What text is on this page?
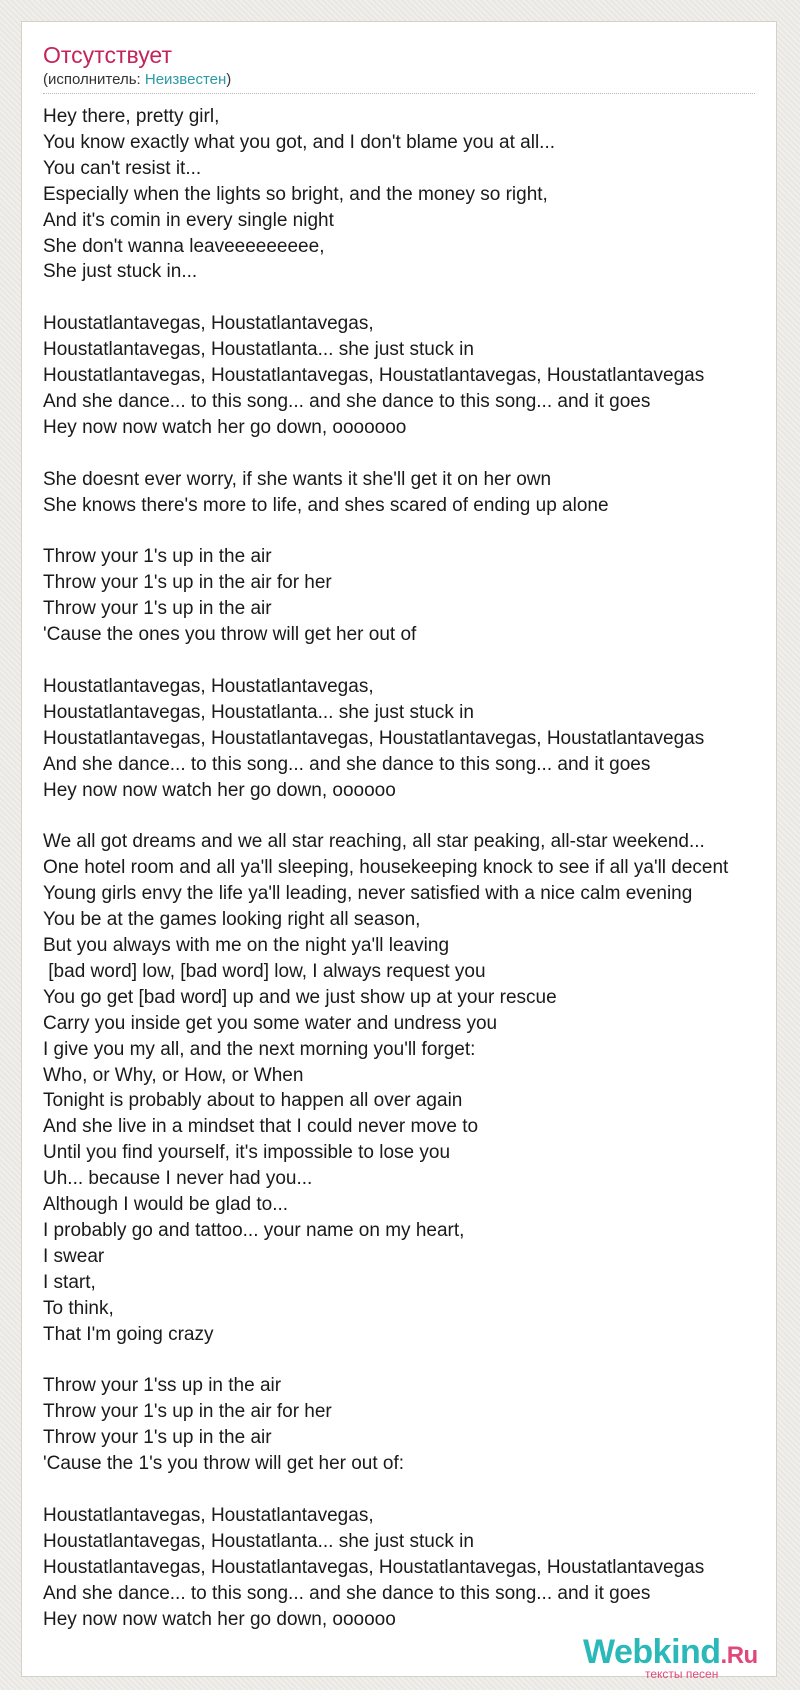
Отсутствует
(исполнитель: Неизвестен)
Hey there, pretty girl,
You know exactly what you got, and I don't blame you at all...
You can't resist it...
Especially when the lights so bright, and the money so right,
And it's comin in every single night
She don't wanna leaveeeeeeeee,
She just stuck in...

Houstatlantavegas, Houstatlantavegas,
Houstatlantavegas, Houstatlanta... she just stuck in
Houstatlantavegas, Houstatlantavegas, Houstatlantavegas, Houstatlantavegas
And she dance... to this song... and she dance to this song... and it goes
Hey now now watch her go down, ooooooo

She doesnt ever worry, if she wants it she'll get it on her own
She knows there's more to life, and shes scared of ending up alone

Throw your 1's up in the air
Throw your 1's up in the air for her
Throw your 1's up in the air
'Cause the ones you throw will get her out of

Houstatlantavegas, Houstatlantavegas,
Houstatlantavegas, Houstatlanta... she just stuck in
Houstatlantavegas, Houstatlantavegas, Houstatlantavegas, Houstatlantavegas
And she dance... to this song... and she dance to this song... and it goes
Hey now now watch her go down, oooooo

We all got dreams and we all star reaching, all star peaking, all-star weekend...
One hotel room and all ya'll sleeping, housekeeping knock to see if all ya'll decent
Young girls envy the life ya'll leading, never satisfied with a nice calm evening
You be at the games looking right all season,
But you always with me on the night ya'll leaving
[bad word] low, [bad word] low, I always request you
You go get [bad word] up and we just show up at your rescue
Carry you inside get you some water and undress you
I give you my all, and the next morning you'll forget:
Who, or Why, or How, or When
Tonight is probably about to happen all over again
And she live in a mindset that I could never move to
Until you find yourself, it's impossible to lose you
Uh... because I never had you...
Although I would be glad to...
I probably go and tattoo... your name on my heart,
I swear
I start,
To think,
That I'm going crazy

Throw your 1'ss up in the air
Throw your 1's up in the air for her
Throw your 1's up in the air
'Cause the 1's you throw will get her out of:

Houstatlantavegas, Houstatlantavegas,
Houstatlantavegas, Houstatlanta... she just stuck in
Houstatlantavegas, Houstatlantavegas, Houstatlantavegas, Houstatlantavegas
And she dance... to this song... and she dance to this song... and it goes
Hey now now watch her go down, oooooo
Webkind.Ru
тексты песен
